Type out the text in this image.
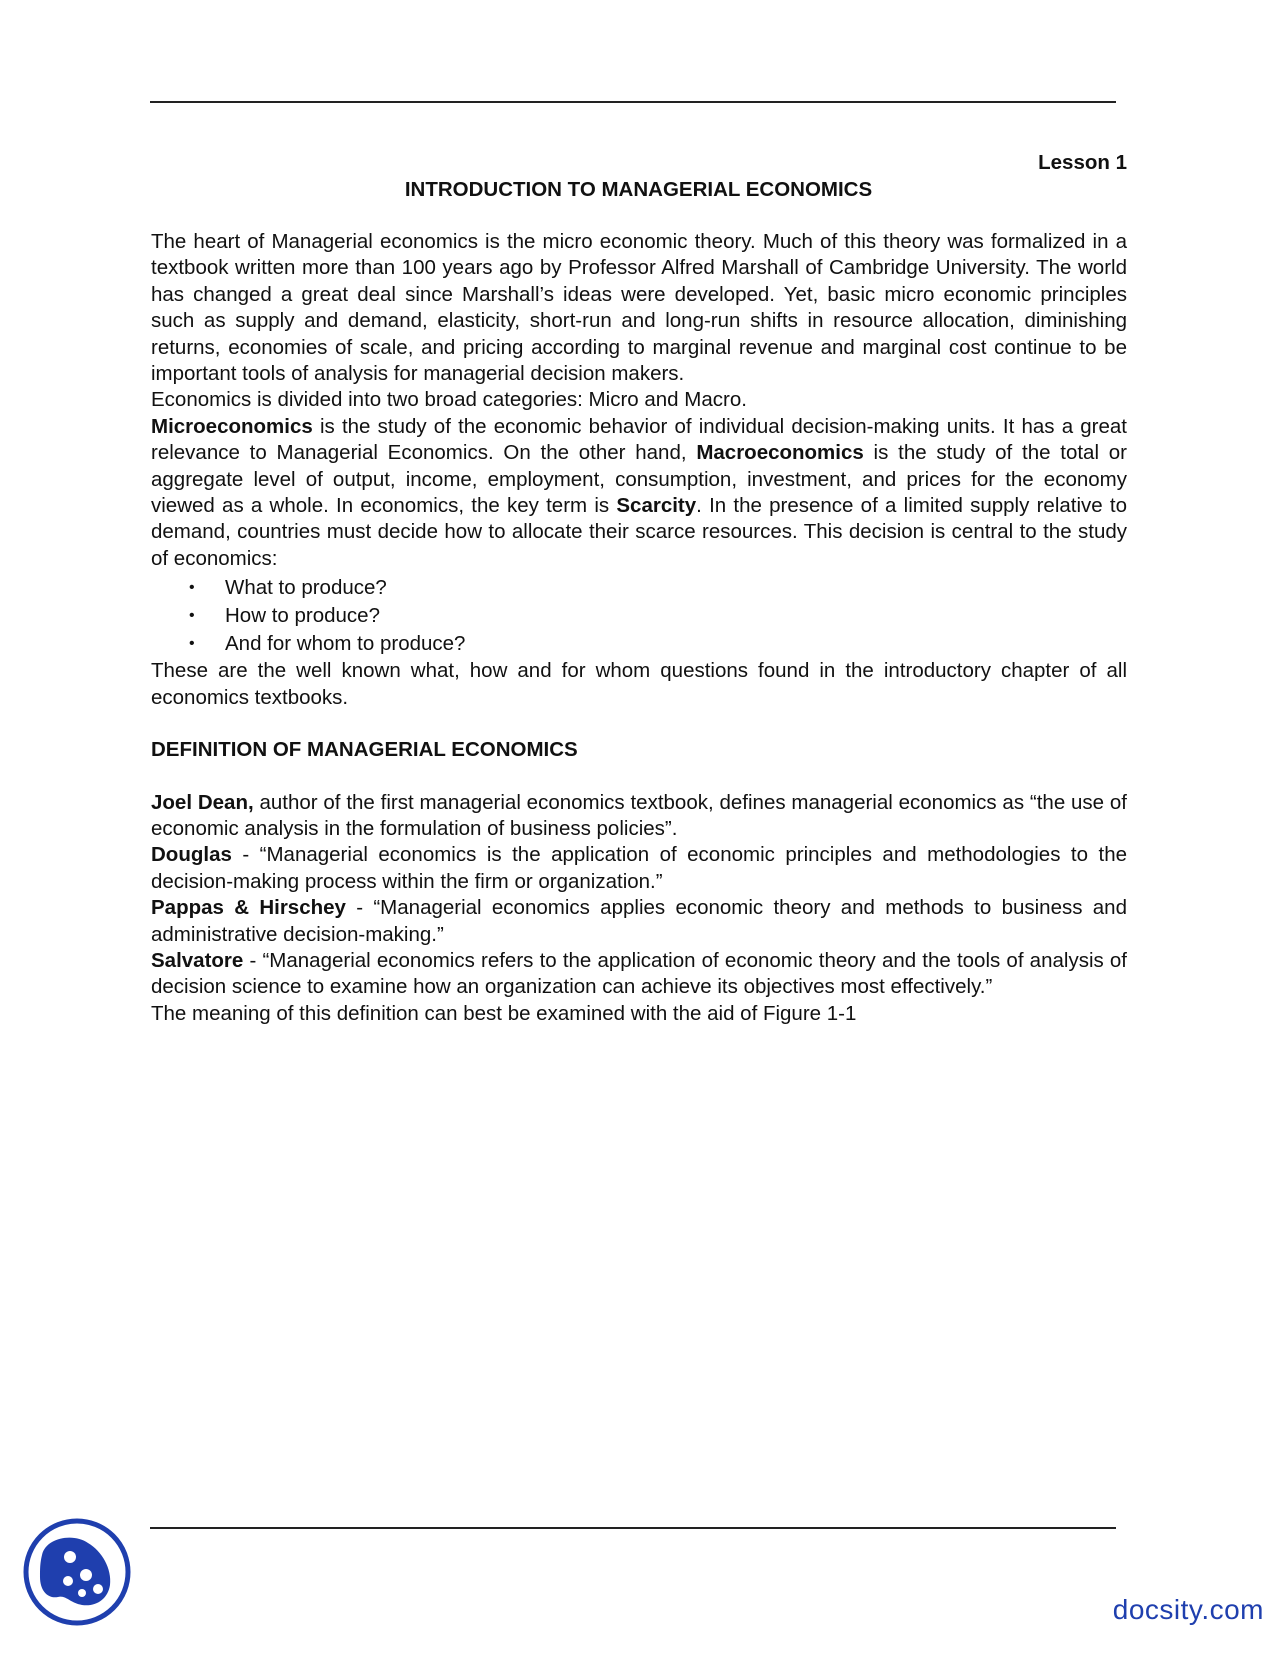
Lesson 1
INTRODUCTION TO MANAGERIAL ECONOMICS

The heart of Managerial economics is the micro economic theory. Much of this theory was formalized in a textbook written more than 100 years ago by Professor Alfred Marshall of Cambridge University. The world has changed a great deal since Marshall’s ideas were developed. Yet, basic micro economic principles such as supply and demand, elasticity, short-run and long-run shifts in resource allocation, diminishing returns, economies of scale, and pricing according to marginal revenue and marginal cost continue to be important tools of analysis for managerial decision makers.

Economics is divided into two broad categories: Micro and Macro.

Microeconomics is the study of the economic behavior of individual decision-making units. It has a great relevance to Managerial Economics. On the other hand, Macroeconomics is the study of the total or aggregate level of output, income, employment, consumption, investment, and prices for the economy viewed as a whole. In economics, the key term is Scarcity. In the presence of a limited supply relative to demand, countries must decide how to allocate their scarce resources. This decision is central to the study of economics:

• What to produce?
• How to produce?
• And for whom to produce?

These are the well known what, how and for whom questions found in the introductory chapter of all economics textbooks.

DEFINITION OF MANAGERIAL ECONOMICS

Joel Dean, author of the first managerial economics textbook, defines managerial economics as “the use of economic analysis in the formulation of business policies”.

Douglas - “Managerial economics is the application of economic principles and methodologies to the decision-making process within the firm or organization.”

Pappas & Hirschey - “Managerial economics applies economic theory and methods to business and administrative decision-making.”

Salvatore - “Managerial economics refers to the application of economic theory and the tools of analysis of decision science to examine how an organization can achieve its objectives most effectively.”

The meaning of this definition can best be examined with the aid of Figure 1-1

docsity.com
